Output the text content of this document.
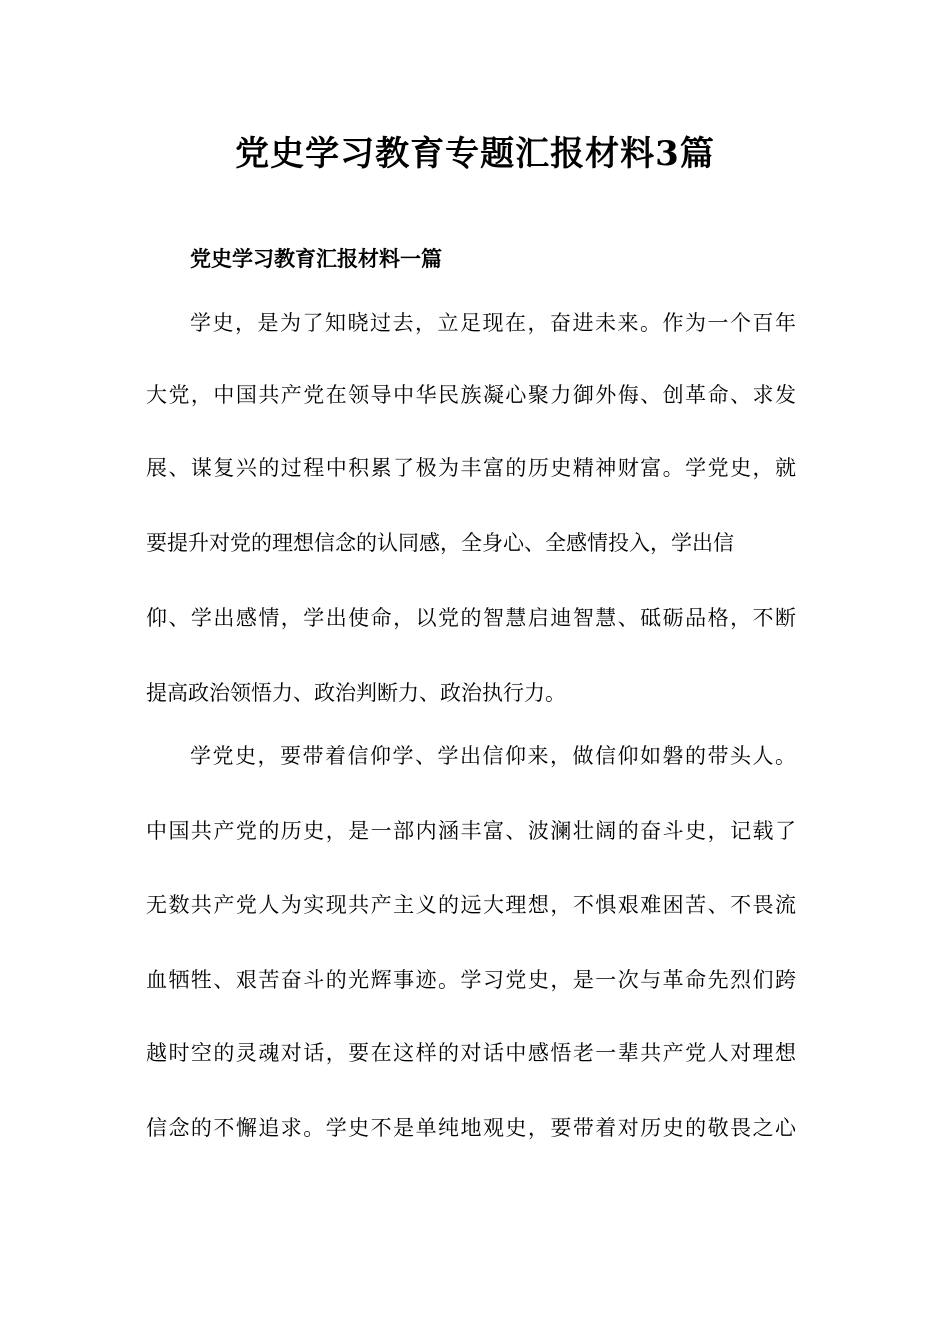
党史学习教育专题汇报材料3篇
党史学习教育汇报材料一篇
学史，是为了知晓过去，立足现在，奋进未来。作为一个百年
大党，中国共产党在领导中华民族凝心聚力御外侮、创革命、求发
展、谋复兴的过程中积累了极为丰富的历史精神财富。学党史，就
要提升对党的理想信念的认同感，全身心、全感情投入，学出信
仰、学出感情，学出使命，以党的智慧启迪智慧、砥砺品格，不断
提高政治领悟力、政治判断力、政治执行力。
学党史，要带着信仰学、学出信仰来，做信仰如磐的带头人。
中国共产党的历史，是一部内涵丰富、波澜壮阔的奋斗史，记载了
无数共产党人为实现共产主义的远大理想，不惧艰难困苦、不畏流
血牺牲、艰苦奋斗的光辉事迹。学习党史，是一次与革命先烈们跨
越时空的灵魂对话，要在这样的对话中感悟老一辈共产党人对理想
信念的不懈追求。学史不是单纯地观史，要带着对历史的敬畏之心
